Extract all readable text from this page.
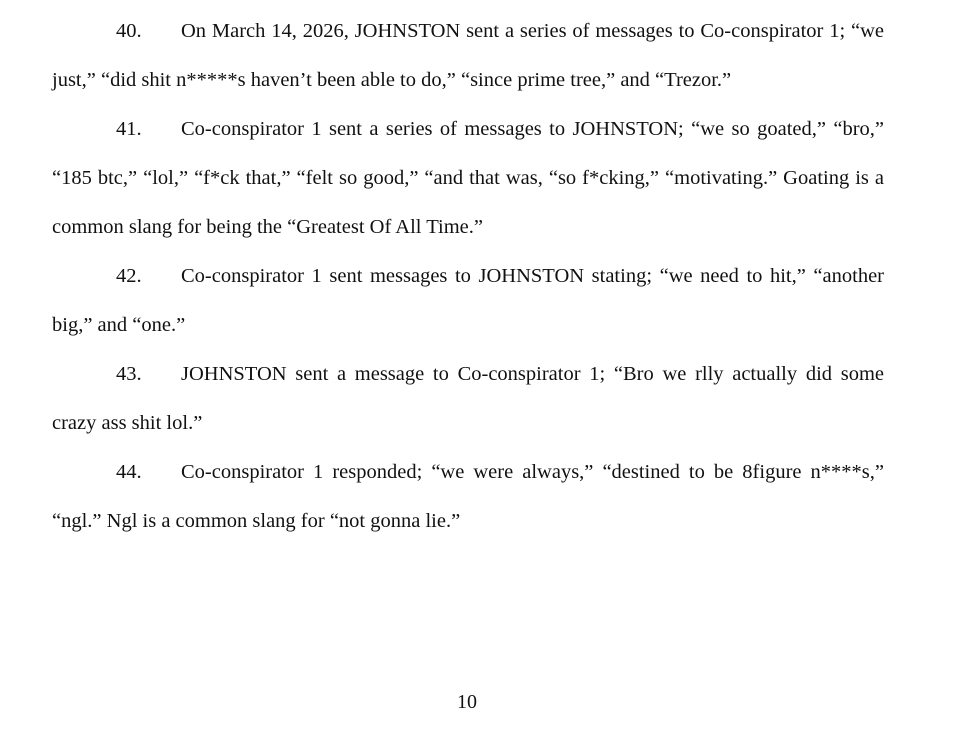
40. On March 14, 2026, JOHNSTON sent a series of messages to Co-conspirator 1; “we just,” “did shit n*****s haven’t been able to do,” “since prime tree,” and “Trezor.”

41. Co-conspirator 1 sent a series of messages to JOHNSTON; “we so goated,” “bro,” “185 btc,” “lol,” “f*ck that,” “felt so good,” “and that was, “so f*cking,” “motivating.” Goating is a common slang for being the “Greatest Of All Time.”

42. Co-conspirator 1 sent messages to JOHNSTON stating; “we need to hit,” “another big,” and “one.”

43. JOHNSTON sent a message to Co-conspirator 1; “Bro we rlly actually did some crazy ass shit lol.”

44. Co-conspirator 1 responded; “we were always,” “destined to be 8figure n****s,” “ngl.” Ngl is a common slang for “not gonna lie.”

10
